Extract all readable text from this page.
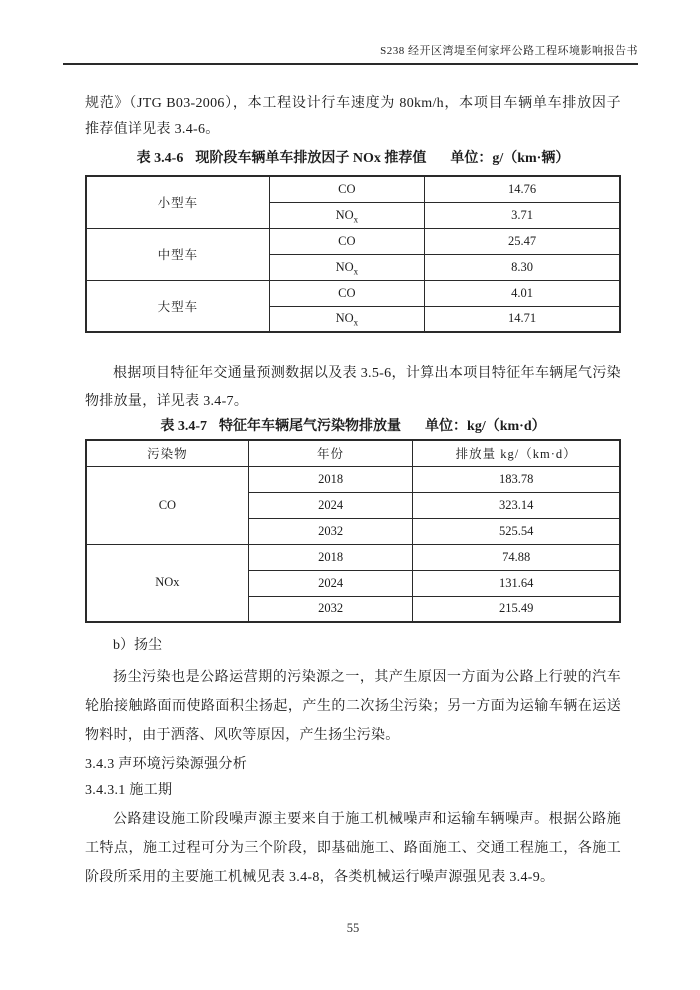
S238 经开区湾堤至何家坪公路工程环境影响报告书

规范》（JTG B03-2006），本工程设计行车速度为 80km/h，本项目车辆单车排放因子推荐值详见表 3.4-6。

表 3.4-6 现阶段车辆单车排放因子 NOx 推荐值 单位：g/（km·辆）
小型车	CO	14.76
	$NO_x$	3.71
中型车	CO	25.47
	$NO_x$	8.30
大型车	CO	4.01
	$NO_x$	14.71

根据项目特征年交通量预测数据以及表 3.5-6，计算出本项目特征年车辆尾气污染物排放量，详见表 3.4-7。

表 3.4-7 特征年车辆尾气污染物排放量 单位：kg/（km·d）
污染物	年份	排放量 kg/（km·d）
CO	2018	183.78
	2024	323.14
	2032	525.54
NOx	2018	74.88
	2024	131.64
	2032	215.49
b）扬尘

扬尘污染也是公路运营期的污染源之一，其产生原因一方面为公路上行驶的汽车轮胎接触路面而使路面积尘扬起，产生的二次扬尘污染；另一方面为运输车辆在运送物料时，由于洒落、风吹等原因，产生扬尘污染。

3.4.3 声环境污染源强分析
3.4.3.1 施工期

公路建设施工阶段噪声源主要来自于施工机械噪声和运输车辆噪声。根据公路施工特点，施工过程可分为三个阶段，即基础施工、路面施工、交通工程施工，各施工阶段所采用的主要施工机械见表 3.4-8，各类机械运行噪声源强见表 3.4-9。

55
